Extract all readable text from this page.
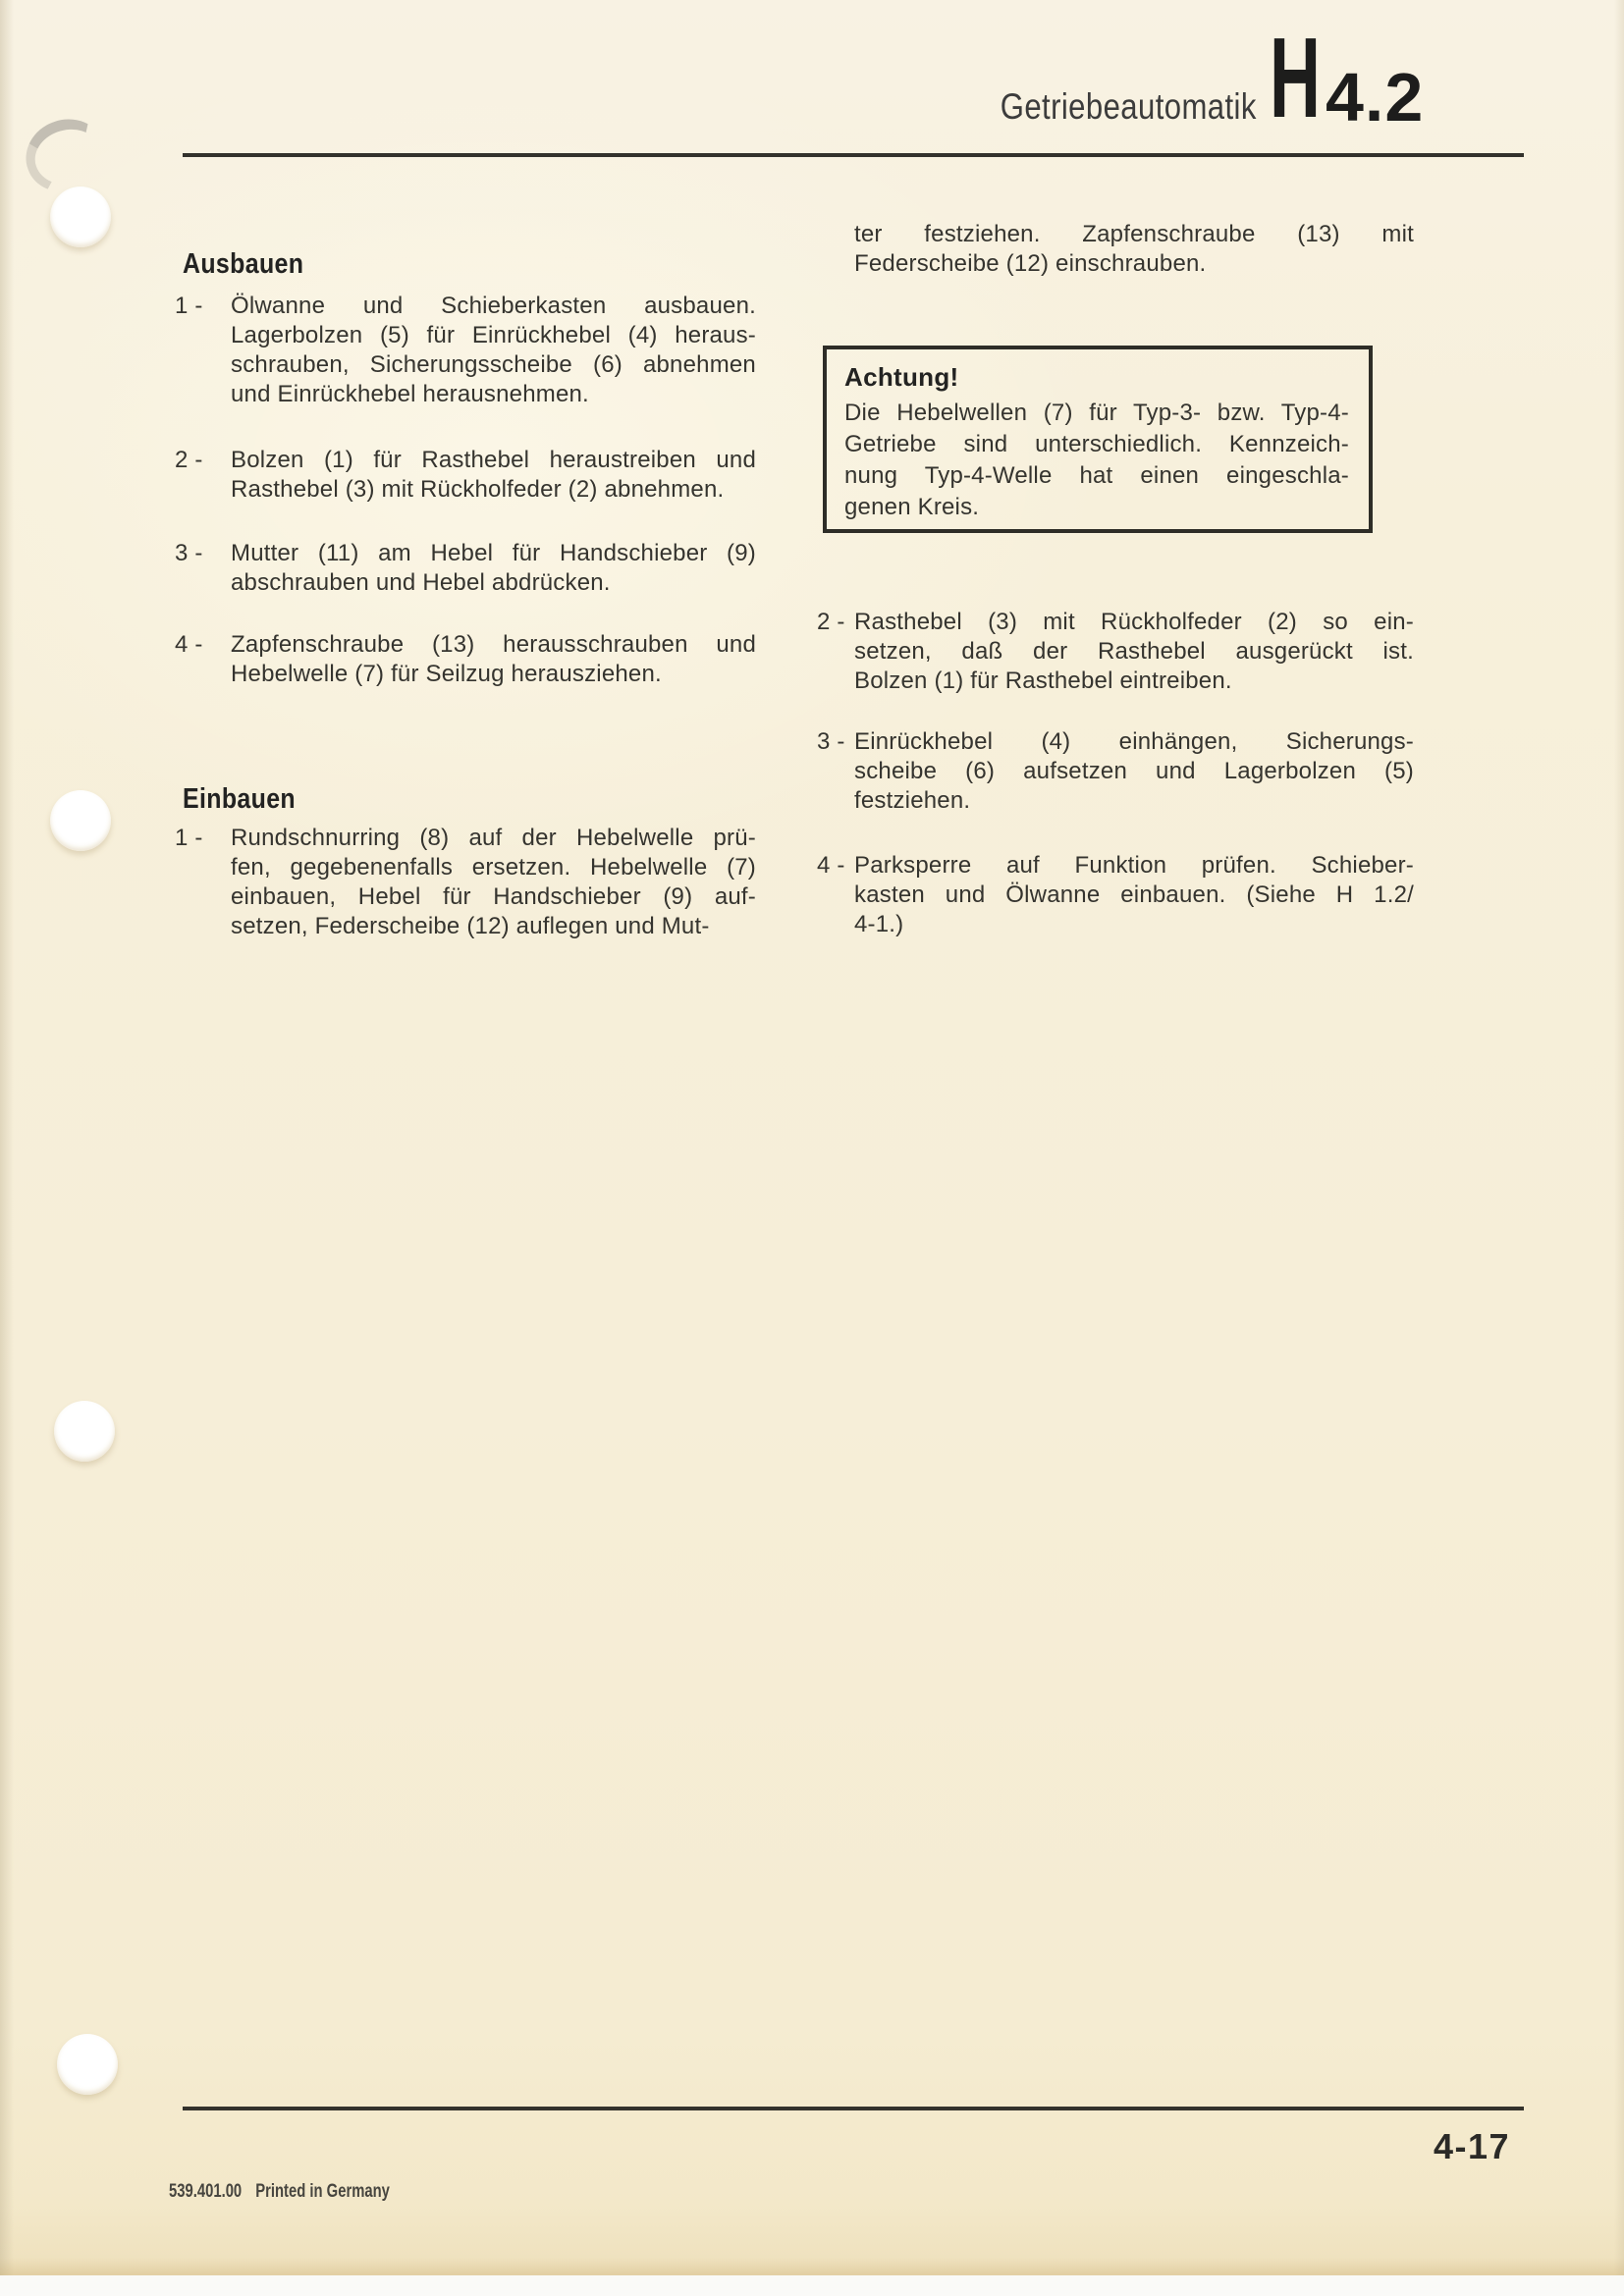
Getriebeautomatik H 4.2
Ausbauen
1 - Ölwanne und Schieberkasten ausbauen.
Lagerbolzen (5) für Einrückhebel (4) heraus-
schrauben, Sicherungsscheibe (6) abnehmen
und Einrückhebel herausnehmen.
2 - Bolzen (1) für Rasthebel heraustreiben und
Rasthebel (3) mit Rückholfeder (2) abnehmen.
3 - Mutter (11) am Hebel für Handschieber (9)
abschrauben und Hebel abdrücken.
4 - Zapfenschraube (13) herausschrauben und
Hebelwelle (7) für Seilzug herausziehen.
Einbauen
1 - Rundschnurring (8) auf der Hebelwelle prü-
fen, gegebenenfalls ersetzen. Hebelwelle (7)
einbauen, Hebel für Handschieber (9) auf-
setzen, Federscheibe (12) auflegen und Mut-
ter festziehen. Zapfenschraube (13) mit
Federscheibe (12) einschrauben.
Achtung!
Die Hebelwellen (7) für Typ-3- bzw. Typ-4-
Getriebe sind unterschiedlich. Kennzeich-
nung Typ-4-Welle hat einen eingeschla-
genen Kreis.
2 - Rasthebel (3) mit Rückholfeder (2) so ein-
setzen, daß der Rasthebel ausgerückt ist.
Bolzen (1) für Rasthebel eintreiben.
3 - Einrückhebel (4) einhängen, Sicherungs-
scheibe (6) aufsetzen und Lagerbolzen (5)
festziehen.
4 - Parksperre auf Funktion prüfen. Schieber-
kasten und Ölwanne einbauen. (Siehe H 1.2/
4-1.)
4-17
539.401.00 Printed in Germany
